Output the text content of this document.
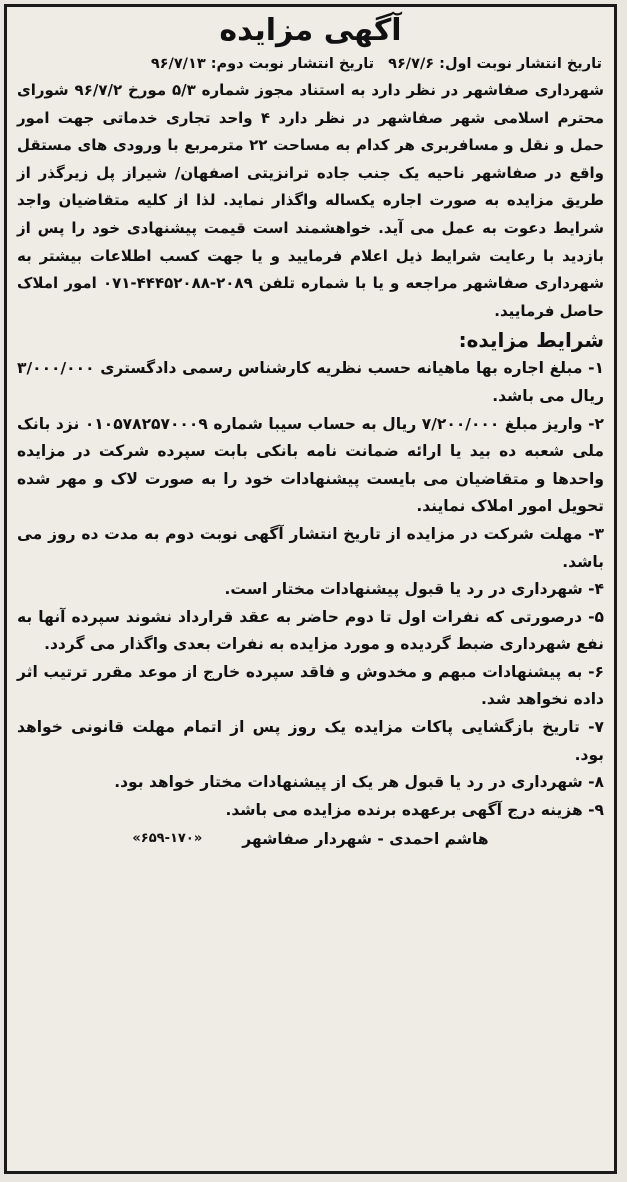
آگهی مزایده
تاریخ انتشار نوبت اول: ۹۶/۷/۶
تاریخ انتشار نوبت دوم: ۹۶/۷/۱۳
شهرداری صفاشهر در نظر دارد به استناد مجوز شماره ۵/۳ مورخ ۹۶/۷/۲ شورای محترم اسلامی شهر صفاشهر در نظر دارد ۴ واحد تجاری خدماتی جهت امور حمل و نقل و مسافربری هر کدام به مساحت ۲۲ مترمربع با ورودی های مستقل واقع در صفاشهر ناحیه یک جنب جاده ترانزیتی اصفهان/ شیراز پل زیرگذر از طریق مزایده به صورت اجاره یکساله واگذار نماید. لذا از کلیه متقاضیان واجد شرایط دعوت به عمل می آید. خواهشمند است قیمت پیشنهادی خود را پس از بازدید با رعایت شرایط ذیل اعلام فرمایید و یا جهت کسب اطلاعات بیشتر به شهرداری صفاشهر مراجعه و یا با شماره تلفن ۲۰۸۹-۴۴۴۵۲۰۸۸-۰۷۱ امور املاک حاصل فرمایید.
شرایط مزایده:
۱- مبلغ اجاره بها ماهیانه حسب نظریه کارشناس رسمی دادگستری ۳/۰۰۰/۰۰۰ ریال می باشد.
۲- واریز مبلغ ۷/۲۰۰/۰۰۰ ریال به حساب سیبا شماره ۰۱۰۵۷۸۲۵۷۰۰۰۹ نزد بانک ملی شعبه ده بید یا ارائه ضمانت نامه بانکی بابت سپرده شرکت در مزایده واحدها و متقاضیان می بایست پیشنهادات خود را به صورت لاک و مهر شده تحویل امور املاک نمایند.
۳- مهلت شرکت در مزایده از تاریخ انتشار آگهی نوبت دوم به مدت ده روز می باشد.
۴- شهرداری در رد یا قبول پیشنهادات مختار است.
۵- درصورتی که نفرات اول تا دوم حاضر به عقد قرارداد نشوند سپرده آنها به نفع شهرداری ضبط گردیده و مورد مزایده به نفرات بعدی واگذار می گردد.
۶- به پیشنهادات مبهم و مخدوش و فاقد سپرده خارج از موعد مقرر ترتیب اثر داده نخواهد شد.
۷- تاریخ بازگشایی پاکات مزایده یک روز پس از اتمام مهلت قانونی خواهد بود.
۸- شهرداری در رد یا قبول هر یک از پیشنهادات مختار خواهد بود.
۹- هزینه درج آگهی برعهده برنده مزایده می باشد.
هاشم احمدی - شهردار صفاشهر
«۶۵۹-۱۷۰»
